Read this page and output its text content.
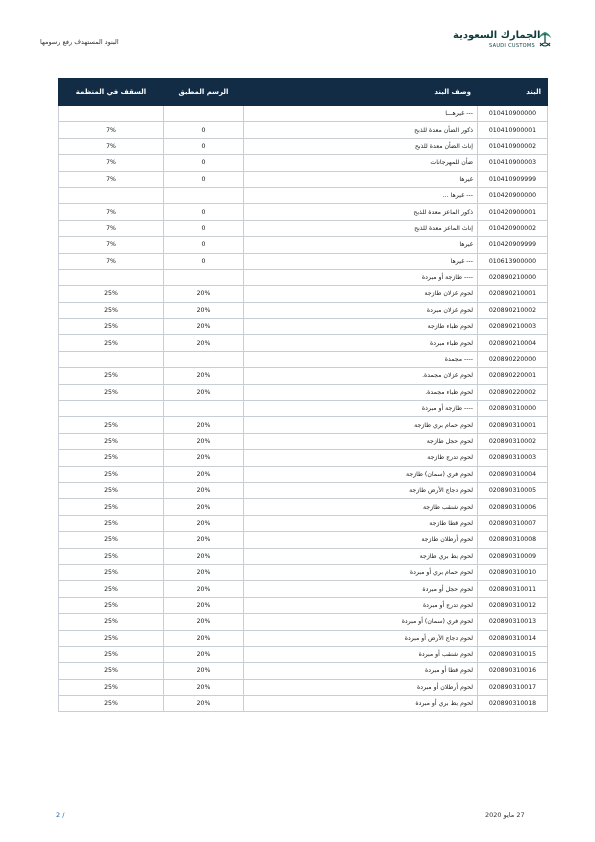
الجمارك السعودية
SAUDI CUSTOMS
البنود المستهدف رفع رسومها
البند	وصف البند	الرسم المطبق	السقف في المنظمة
010410900000	--- غيرهـــا		
010410900001	ذكور الضأن معدة للذبح	0	7%
010410900002	إناث الضأن معدة للذبح	0	7%
010410900003	ضأن للمهرجانات	0	7%
010410909999	غيرها	0	7%
010420900000	--- غيرها ...		
010420900001	ذكور الماعز معدة للذبح	0	7%
010420900002	إناث الماعز معدة للذبح	0	7%
010420909999	غيرها	0	7%
010613900000	--- غيرها	0	7%
020890210000	---- طازجة أو مبردة		
020890210001	لحوم غزلان طازجة	20%	25%
020890210002	لحوم غزلان مبردة	20%	25%
020890210003	لحوم ظباء طازجة	20%	25%
020890210004	لحوم ظباء مبردة	20%	25%
020890220000	---- مجمدة		
020890220001	لحوم غزلان مجمدة.	20%	25%
020890220002	لحوم ظباء مجمدة.	20%	25%
020890310000	---- طازجة أو مبردة		
020890310001	لحوم حمام بري طازجة	20%	25%
020890310002	لحوم حجل طازجة	20%	25%
020890310003	لحوم تدرج طازجة	20%	25%
020890310004	لحوم فري (سمان) طازجة	20%	25%
020890310005	لحوم دجاج الأرض طازجة	20%	25%
020890310006	لحوم شنقب طازجة	20%	25%
020890310007	لحوم قطا طازجة	20%	25%
020890310008	لحوم أرطلان طازجة	20%	25%
020890310009	لحوم بط بري طازجة	20%	25%
020890310010	لحوم حمام بري أو مبردة	20%	25%
020890310011	لحوم حجل أو مبردة	20%	25%
020890310012	لحوم تدرج أو مبردة	20%	25%
020890310013	لحوم فري (سمان) أو مبردة	20%	25%
020890310014	لحوم دجاج الأرض أو مبردة	20%	25%
020890310015	لحوم شنقب أو مبردة	20%	25%
020890310016	لحوم قطا أو مبردة	20%	25%
020890310017	لحوم أرطلان أو مبردة	20%	25%
020890310018	لحوم بط بري أو مبردة	20%	25%
27 مايو 2020
2 /
